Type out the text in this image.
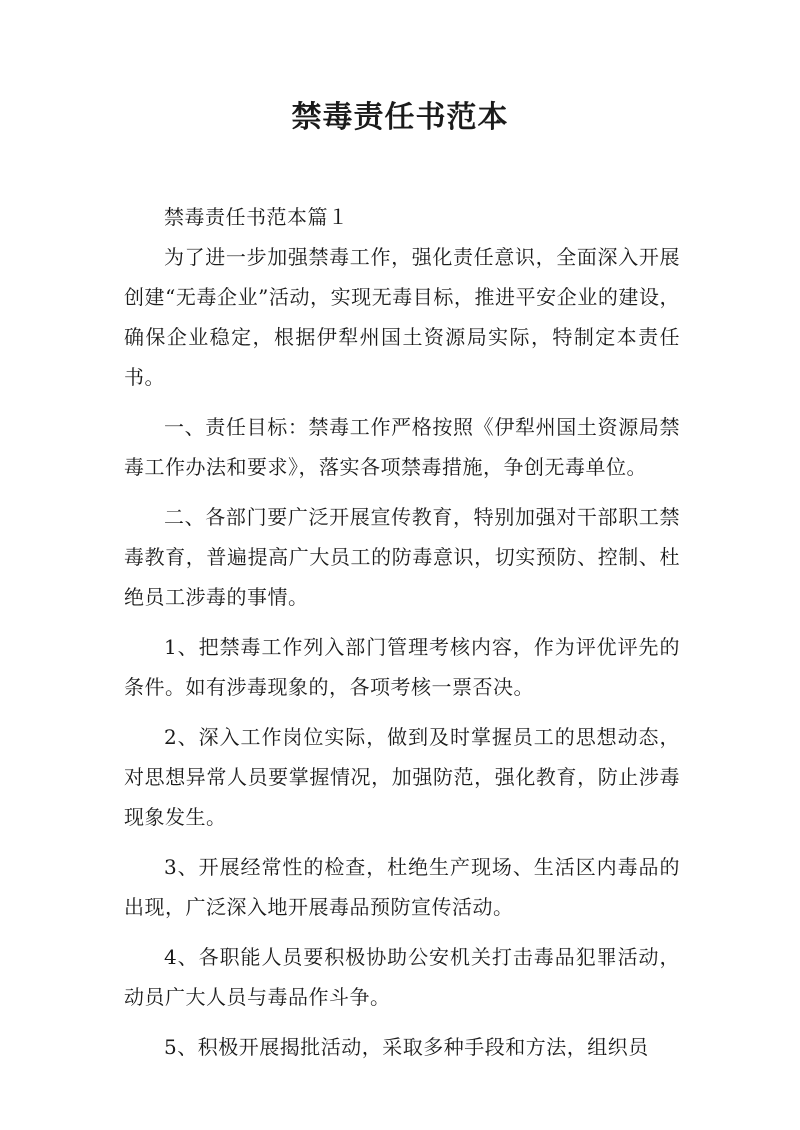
禁毒责任书范本

禁毒责任书范本篇１

为了进一步加强禁毒工作，强化责任意识，全面深入开展创建“无毒企业”活动，实现无毒目标，推进平安企业的建设，确保企业稳定，根据伊犁州国土资源局实际，特制定本责任书。

一、责任目标：禁毒工作严格按照《伊犁州国土资源局禁毒工作办法和要求》，落实各项禁毒措施，争创无毒单位。

二、各部门要广泛开展宣传教育，特别加强对干部职工禁毒教育，普遍提高广大员工的防毒意识，切实预防、控制、杜绝员工涉毒的事情。

1、把禁毒工作列入部门管理考核内容，作为评优评先的条件。如有涉毒现象的，各项考核一票否决。

2、深入工作岗位实际，做到及时掌握员工的思想动态，对思想异常人员要掌握情况，加强防范，强化教育，防止涉毒现象发生。

3、开展经常性的检查，杜绝生产现场、生活区内毒品的出现，广泛深入地开展毒品预防宣传活动。

4、各职能人员要积极协助公安机关打击毒品犯罪活动，动员广大人员与毒品作斗争。

5、积极开展揭批活动，采取多种手段和方法，组织员
